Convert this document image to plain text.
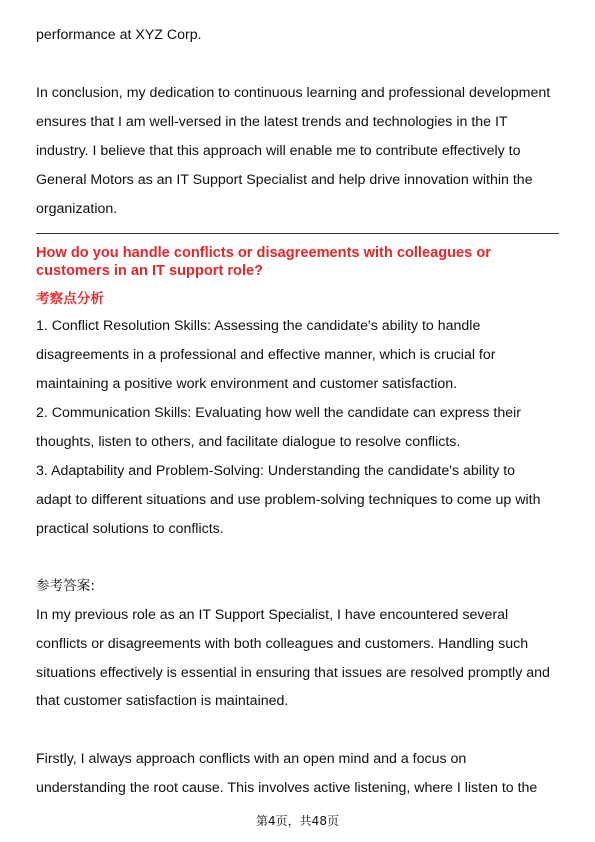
performance at XYZ Corp.
In conclusion, my dedication to continuous learning and professional development
ensures that I am well-versed in the latest trends and technologies in the IT
industry. I believe that this approach will enable me to contribute effectively to
General Motors as an IT Support Specialist and help drive innovation within the
organization.
How do you handle conflicts or disagreements with colleagues or
customers in an IT support role?
考察点分析
1. Conflict Resolution Skills: Assessing the candidate's ability to handle
disagreements in a professional and effective manner, which is crucial for
maintaining a positive work environment and customer satisfaction.
2. Communication Skills: Evaluating how well the candidate can express their
thoughts, listen to others, and facilitate dialogue to resolve conflicts.
3. Adaptability and Problem-Solving: Understanding the candidate's ability to
adapt to different situations and use problem-solving techniques to come up with
practical solutions to conflicts.
参考答案:
In my previous role as an IT Support Specialist, I have encountered several
conflicts or disagreements with both colleagues and customers. Handling such
situations effectively is essential in ensuring that issues are resolved promptly and
that customer satisfaction is maintained.
Firstly, I always approach conflicts with an open mind and a focus on
understanding the root cause. This involves active listening, where I listen to the
第4页，共48页
